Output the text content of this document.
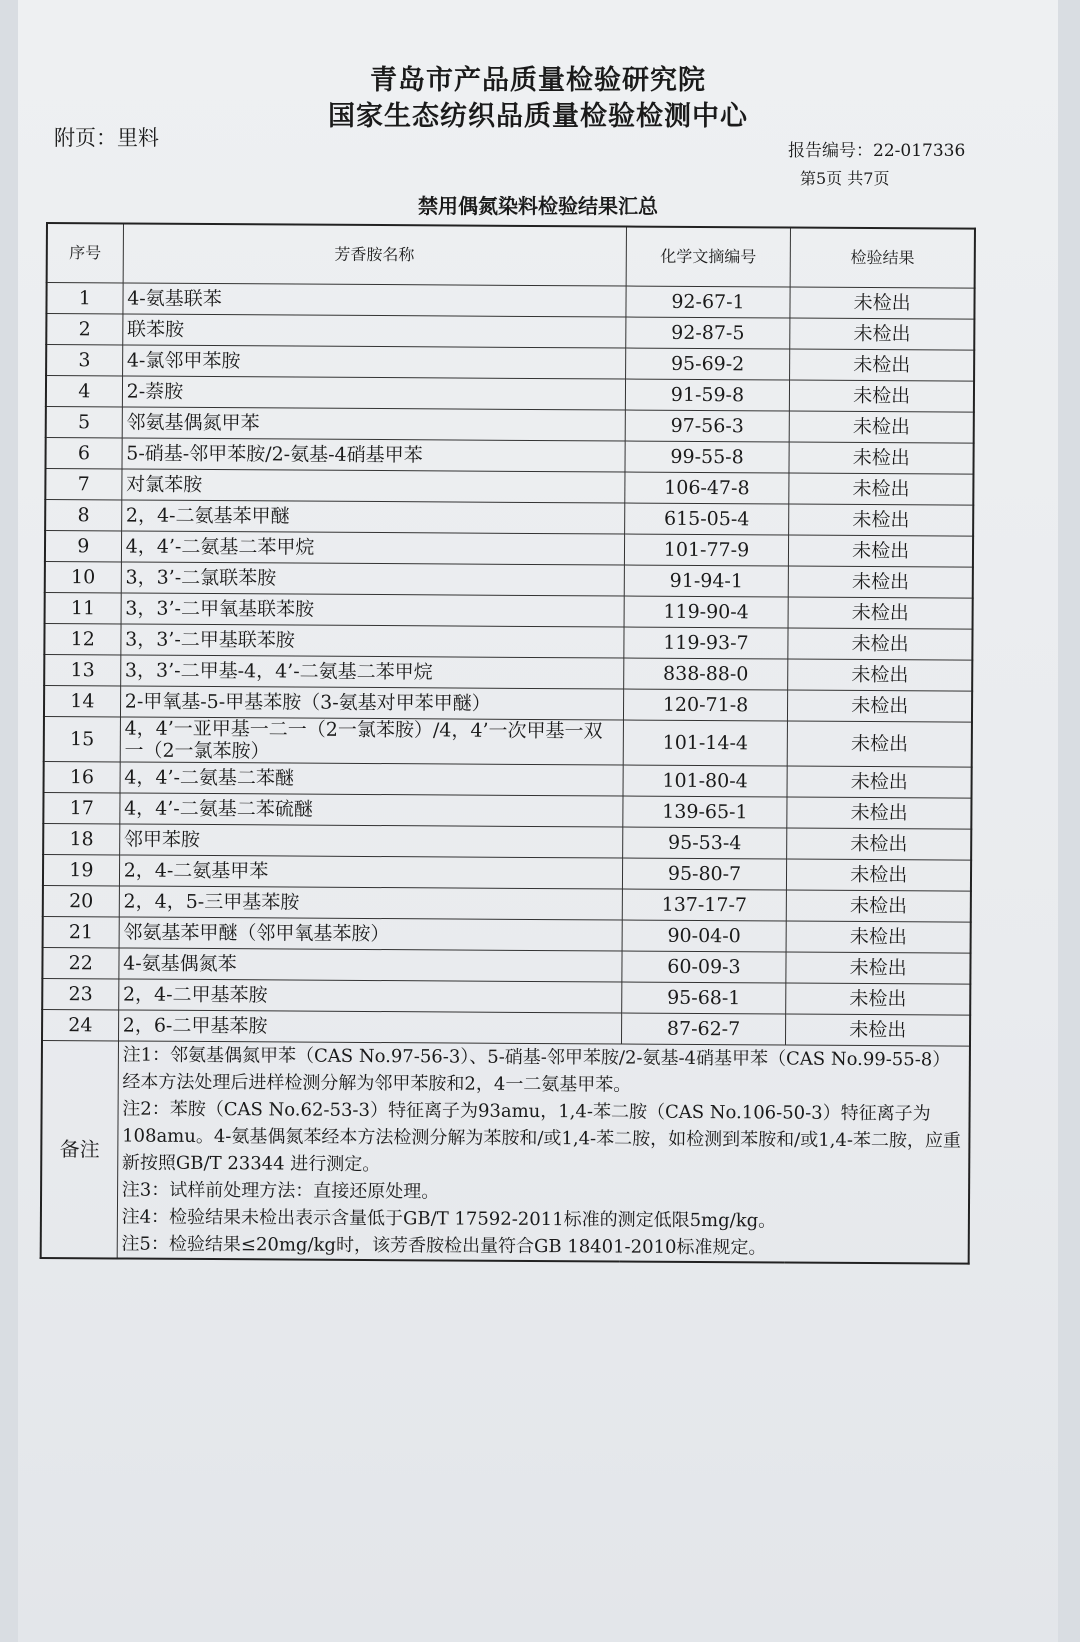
青岛市产品质量检验研究院
国家生态纺织品质量检验检测中心
附页：里料
报告编号：22-017336
第5页 共7页
禁用偶氮染料检验结果汇总
序号	芳香胺名称	化学文摘编号	检验结果
1	4-氨基联苯	92-67-1	未检出
2	联苯胺	92-87-5	未检出
3	4-氯邻甲苯胺	95-69-2	未检出
4	2-萘胺	91-59-8	未检出
5	邻氨基偶氮甲苯	97-56-3	未检出
6	5-硝基-邻甲苯胺/2-氨基-4硝基甲苯	99-55-8	未检出
7	对氯苯胺	106-47-8	未检出
8	2，4-二氨基苯甲醚	615-05-4	未检出
9	4，4’-二氨基二苯甲烷	101-77-9	未检出
10	3，3’-二氯联苯胺	91-94-1	未检出
11	3，3’-二甲氧基联苯胺	119-90-4	未检出
12	3，3’-二甲基联苯胺	119-93-7	未检出
13	3，3’-二甲基-4，4’-二氨基二苯甲烷	838-88-0	未检出
14	2-甲氧基-5-甲基苯胺（3-氨基对甲苯甲醚）	120-71-8	未检出
15	4，4’一亚甲基一二一（2一氯苯胺）/4，4’一次甲基一双一（2一氯苯胺）	101-14-4	未检出
16	4，4’-二氨基二苯醚	101-80-4	未检出
17	4，4’-二氨基二苯硫醚	139-65-1	未检出
18	邻甲苯胺	95-53-4	未检出
19	2，4-二氨基甲苯	95-80-7	未检出
20	2，4，5-三甲基苯胺	137-17-7	未检出
21	邻氨基苯甲醚（邻甲氧基苯胺）	90-04-0	未检出
22	4-氨基偶氮苯	60-09-3	未检出
23	2，4-二甲基苯胺	95-68-1	未检出
24	2，6-二甲基苯胺	87-62-7	未检出
备注	注1：邻氨基偶氮甲苯（CAS No.97-56-3）、5-硝基-邻甲苯胺/2-氨基-4硝基甲苯（CAS No.99-55-8）经本方法处理后进样检测分解为邻甲苯胺和2，4一二氨基甲苯。
注2：苯胺（CAS No.62-53-3）特征离子为93amu，1,4-苯二胺（CAS No.106-50-3）特征离子为108amu。4-氨基偶氮苯经本方法检测分解为苯胺和/或1,4-苯二胺，如检测到苯胺和/或1,4-苯二胺，应重新按照GB/T 23344 进行测定。
注3：试样前处理方法：直接还原处理。
注4：检验结果未检出表示含量低于GB/T 17592-2011标准的测定低限5mg/kg。
注5：检验结果≤20mg/kg时，该芳香胺检出量符合GB 18401-2010标准规定。		
